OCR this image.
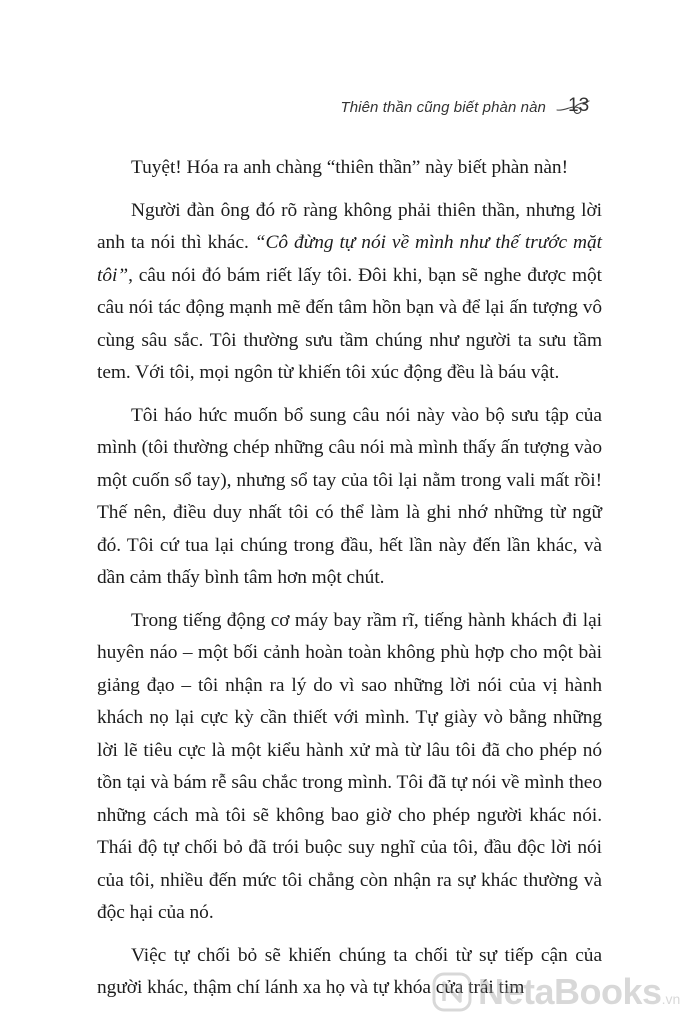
Thiên thần cũng biết phàn nàn 13

Tuyệt! Hóa ra anh chàng “thiên thần” này biết phàn nàn!

Người đàn ông đó rõ ràng không phải thiên thần, nhưng lời anh ta nói thì khác. “Cô đừng tự nói về mình như thế trước mặt tôi”, câu nói đó bám riết lấy tôi. Đôi khi, bạn sẽ nghe được một câu nói tác động mạnh mẽ đến tâm hồn bạn và để lại ấn tượng vô cùng sâu sắc. Tôi thường sưu tầm chúng như người ta sưu tầm tem. Với tôi, mọi ngôn từ khiến tôi xúc động đều là báu vật.

Tôi háo hức muốn bổ sung câu nói này vào bộ sưu tập của mình (tôi thường chép những câu nói mà mình thấy ấn tượng vào một cuốn sổ tay), nhưng sổ tay của tôi lại nằm trong vali mất rồi! Thế nên, điều duy nhất tôi có thể làm là ghi nhớ những từ ngữ đó. Tôi cứ tua lại chúng trong đầu, hết lần này đến lần khác, và dần cảm thấy bình tâm hơn một chút.

Trong tiếng động cơ máy bay rầm rĩ, tiếng hành khách đi lại huyên náo – một bối cảnh hoàn toàn không phù hợp cho một bài giảng đạo – tôi nhận ra lý do vì sao những lời nói của vị hành khách nọ lại cực kỳ cần thiết với mình. Tự giày vò bằng những lời lẽ tiêu cực là một kiểu hành xử mà từ lâu tôi đã cho phép nó tồn tại và bám rễ sâu chắc trong mình. Tôi đã tự nói về mình theo những cách mà tôi sẽ không bao giờ cho phép người khác nói. Thái độ tự chối bỏ đã trói buộc suy nghĩ của tôi, đầu độc lời nói của tôi, nhiều đến mức tôi chẳng còn nhận ra sự khác thường và độc hại của nó.

Việc tự chối bỏ sẽ khiến chúng ta chối từ sự tiếp cận của người khác, thậm chí lánh xa họ và tự khóa cửa trái tim

NetaBooks.vn
